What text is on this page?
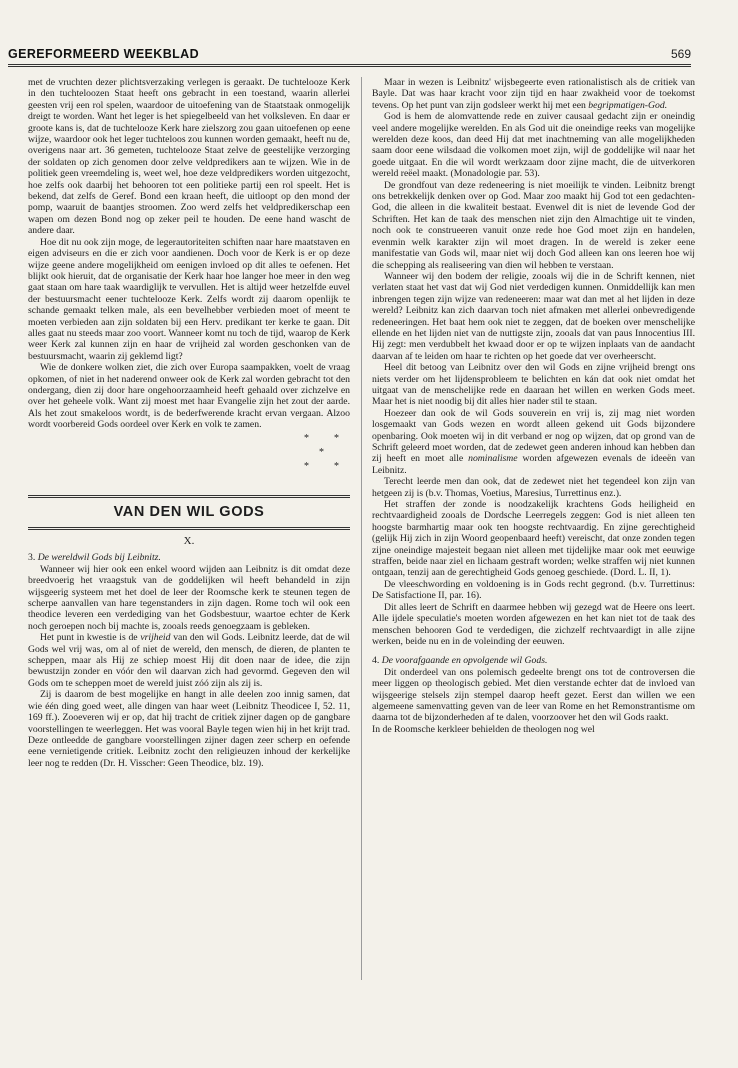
GEREFORMEERD WEEKBLAD	569

met de vruchten dezer plichtsverzaking verlegen is geraakt. De tuchtelooze Kerk in den tuchteloozen Staat heeft ons gebracht in een toestand, waarin allerlei geesten vrij een rol spelen, waardoor de uitoefening van de Staatstaak onmogelijk dreigt te worden. Want het leger is het spiegelbeeld van het volksleven. En daar er groote kans is, dat de tuchtelooze Kerk hare zielszorg zou gaan uitoefenen op eene wijze, waardoor ook het leger tuchteloos zou kunnen worden gemaakt, heeft nu de, overigens naar art. 36 gemeten, tuchtelooze Staat zelve de geestelijke verzorging der soldaten op zich genomen door zelve veldpredikers aan te wijzen. Wie in de politiek geen vreemdeling is, weet wel, hoe deze veldpredikers worden uitgezocht, hoe zelfs ook daarbij het behooren tot een politieke partij een rol speelt. Het is bekend, dat zelfs de Geref. Bond een kraan heeft, die uitloopt op den mond der pomp, waaruit de baantjes stroomen. Zoo werd zelfs het veldpredikerschap een wapen om dezen Bond nog op zeker peil te houden. De eene hand wascht de andere daar.

Hoe dit nu ook zijn moge, de legerautoriteiten schiften naar hare maatstaven en eigen adviseurs en die er zich voor aandienen. Doch voor de Kerk is er op deze wijze geene andere mogelijkheid om eenigen invloed op dit alles te oefenen. Het blijkt ook hieruit, dat de organisatie der Kerk haar hoe langer hoe meer in den weg gaat staan om hare taak waardiglijk te vervullen. Het is altijd weer hetzelfde euvel der bestuursmacht eener tuchtelooze Kerk. Zelfs wordt zij daarom openlijk te schande gemaakt telken male, als een bevelhebber verbieden moet of meent te moeten verbieden aan zijn soldaten bij een Herv. predikant ter kerke te gaan. Dit alles gaat nu steeds maar zoo voort. Wanneer komt nu toch de tijd, waarop de Kerk weer Kerk zal kunnen zijn en haar de vrijheid zal worden geschonken van de bestuursmacht, waarin zij geklemd ligt?

Wie de donkere wolken ziet, die zich over Europa saampakken, voelt de vraag opkomen, of niet in het naderend onweer ook de Kerk zal worden gebracht tot den ondergang, dien zij door hare ongehoorzaamheid heeft gehaald over zichzelve en over het geheele volk. Want zij moest met haar Evangelie zijn het zout der aarde. Als het zout smakeloos wordt, is de bederfwerende kracht ervan vergaan. Alzoo wordt voorbereid Gods oordeel over Kerk en volk te zamen.

*	*
*
*	*
VAN DEN WIL GODS
X.

3. De wereldwil Gods bij Leibnitz.

Wanneer wij hier ook een enkel woord wijden aan Leibnitz is dit omdat deze breedvoerig het vraagstuk van de goddelijken wil heeft behandeld in zijn wijsgeerig systeem met het doel de leer der Roomsche kerk te steunen tegen de scherpe aanvallen van hare tegenstanders in zijn dagen. Rome toch wil ook een theodice leveren een verdediging van het Godsbestuur, waartoe echter de Kerk noch geroepen noch bij machte is, zooals reeds genoegzaam is gebleken.

Het punt in kwestie is de vrijheid van den wil Gods. Leibnitz leerde, dat de wil Gods wel vrij was, om al of niet de wereld, den mensch, de dieren, de planten te scheppen, maar als Hij ze schiep moest Hij dit doen naar de idee, die zijn bewustzijn zonder en vóór den wil daarvan zich had gevormd. Gegeven den wil Gods om te scheppen moet de wereld juist zóó zijn als zij is.

Zij is daarom de best mogelijke en hangt in alle deelen zoo innig samen, dat wie één ding goed weet, alle dingen van haar weet (Leibnitz Theodicee I, 52. 11, 169 ff.). Zooeveren wij er op, dat hij tracht de critiek zijner dagen op de gangbare voorstellingen te weerleggen. Het was vooral Bayle tegen wien hij in het krijt trad. Deze ontleedde de gangbare voorstellingen zijner dagen zeer scherp en oefende eene vernietigende critiek. Leibnitz zocht den religieuzen inhoud der kerkelijke leer nog te redden (Dr. H. Visscher: Geen Theodice, blz. 19).

Maar in wezen is Leibnitz' wijsbegeerte even rationalistisch als de critiek van Bayle. Dat was haar kracht voor zijn tijd en haar zwakheid voor de toekomst tevens. Op het punt van zijn godsleer werkt hij met een begripmatigen-God.

God is hem de alomvattende rede en zuiver causaal gedacht zijn er oneindig veel andere mogelijke werelden. En als God uit die oneindige reeks van mogelijke werelden deze koos, dan deed Hij dat met inachtneming van alle mogelijkheden saam door eene wilsdaad die volkomen moet zijn, wijl de goddelijke wil naar het goede uitgaat. En die wil wordt werkzaam door zijne macht, die de uitverkoren wereld reëel maakt. (Monadologie par. 53).

De grondfout van deze redeneering is niet moeilijk te vinden. Leibnitz brengt ons betrekkelijk denken over op God. Maar zoo maakt hij God tot een gedachten-God, die alleen in die kwaliteit bestaat. Evenwel dit is niet de levende God der Schriften. Het kan de taak des menschen niet zijn den Almachtige uit te vinden, noch ook te construeeren vanuit onze rede hoe God moet zijn en handelen, evenmin welk karakter zijn wil moet dragen. In de wereld is zeker eene manifestatie van Gods wil, maar niet wij doch God alleen kan ons leeren hoe wij die schepping als realiseering van dien wil hebben te verstaan.

Wanneer wij den bodem der religie, zooals wij die in de Schrift kennen, niet verlaten staat het vast dat wij God niet verdedigen kunnen. Onmiddellijk kan men inbrengen tegen zijn wijze van redeneeren: maar wat dan met al het lijden in deze wereld? Leibnitz kan zich daarvan toch niet afmaken met allerlei onbevredigende redeneeringen. Het baat hem ook niet te zeggen, dat de boeken over menschelijke ellende en het lijden niet van de nuttigste zijn, zooals dat van paus Innocentius III. Hij zegt: men verdubbelt het kwaad door er op te wijzen inplaats van de aandacht daarvan af te leiden om haar te richten op het goede dat ver overheerscht.

Heel dit betoog van Leibnitz over den wil Gods en zijne vrijheid brengt ons niets verder om het lijdensprobleem te belichten en kán dat ook niet omdat het uitgaat van de menschelijke rede en daaraan het willen en werken Gods meet. Maar het is niet noodig bij dit alles hier nader stil te staan.

Hoezeer dan ook de wil Gods souverein en vrij is, zij mag niet worden losgemaakt van Gods wezen en wordt alleen gekend uit Gods bijzondere openbaring. Ook moeten wij in dit verband er nog op wijzen, dat op grond van de Schrift geleerd moet worden, dat de zedewet geen anderen inhoud kan hebben dan zij heeft en moet alle nominalisme worden afgewezen evenals de ideeën van Leibnitz.

Terecht leerde men dan ook, dat de zedewet niet het tegendeel kon zijn van hetgeen zij is (b.v. Thomas, Voetius, Maresius, Turrettinus enz.).

Het straffen der zonde is noodzakelijk krachtens Gods heiligheid en rechtvaardigheid zooals de Dordsche Leerregels zeggen: God is niet alleen ten hoogste barmhartig maar ook ten hoogste rechtvaardig. En zijne gerechtigheid (gelijk Hij zich in zijn Woord geopenbaard heeft) vereischt, dat onze zonden tegen zijne oneindige majesteit begaan niet alleen met tijdelijke maar ook met eeuwige straffen, beide naar ziel en lichaam gestraft worden; welke straffen wij niet kunnen ontgaan, tenzij aan de gerechtigheid Gods genoeg geschiede. (Dord. L. II, 1).

De vleeschwording en voldoening is in Gods recht gegrond. (b.v. Turrettinus: De Satisfactione II, par. 16).

Dit alles leert de Schrift en daarmee hebben wij gezegd wat de Heere ons leert. Alle ijdele speculatie's moeten worden afgewezen en het kan niet tot de taak des menschen behooren God te verdedigen, die zichzelf rechtvaardigt in alle zijne werken, beide nu en in de voleinding der eeuwen.

4. De voorafgaande en opvolgende wil Gods.

Dit onderdeel van ons polemisch gedeelte brengt ons tot de controversen die meer liggen op theologisch gebied. Met dien verstande echter dat de invloed van wijsgeerige stelsels zijn stempel daarop heeft gezet. Eerst dan willen we een algemeene samenvatting geven van de leer van Rome en het Remonstrantisme om daarna tot de bijzonderheden af te dalen, voorzoover het den wil Gods raakt.

In de Roomsche kerkleer behielden de theologen nog wel
